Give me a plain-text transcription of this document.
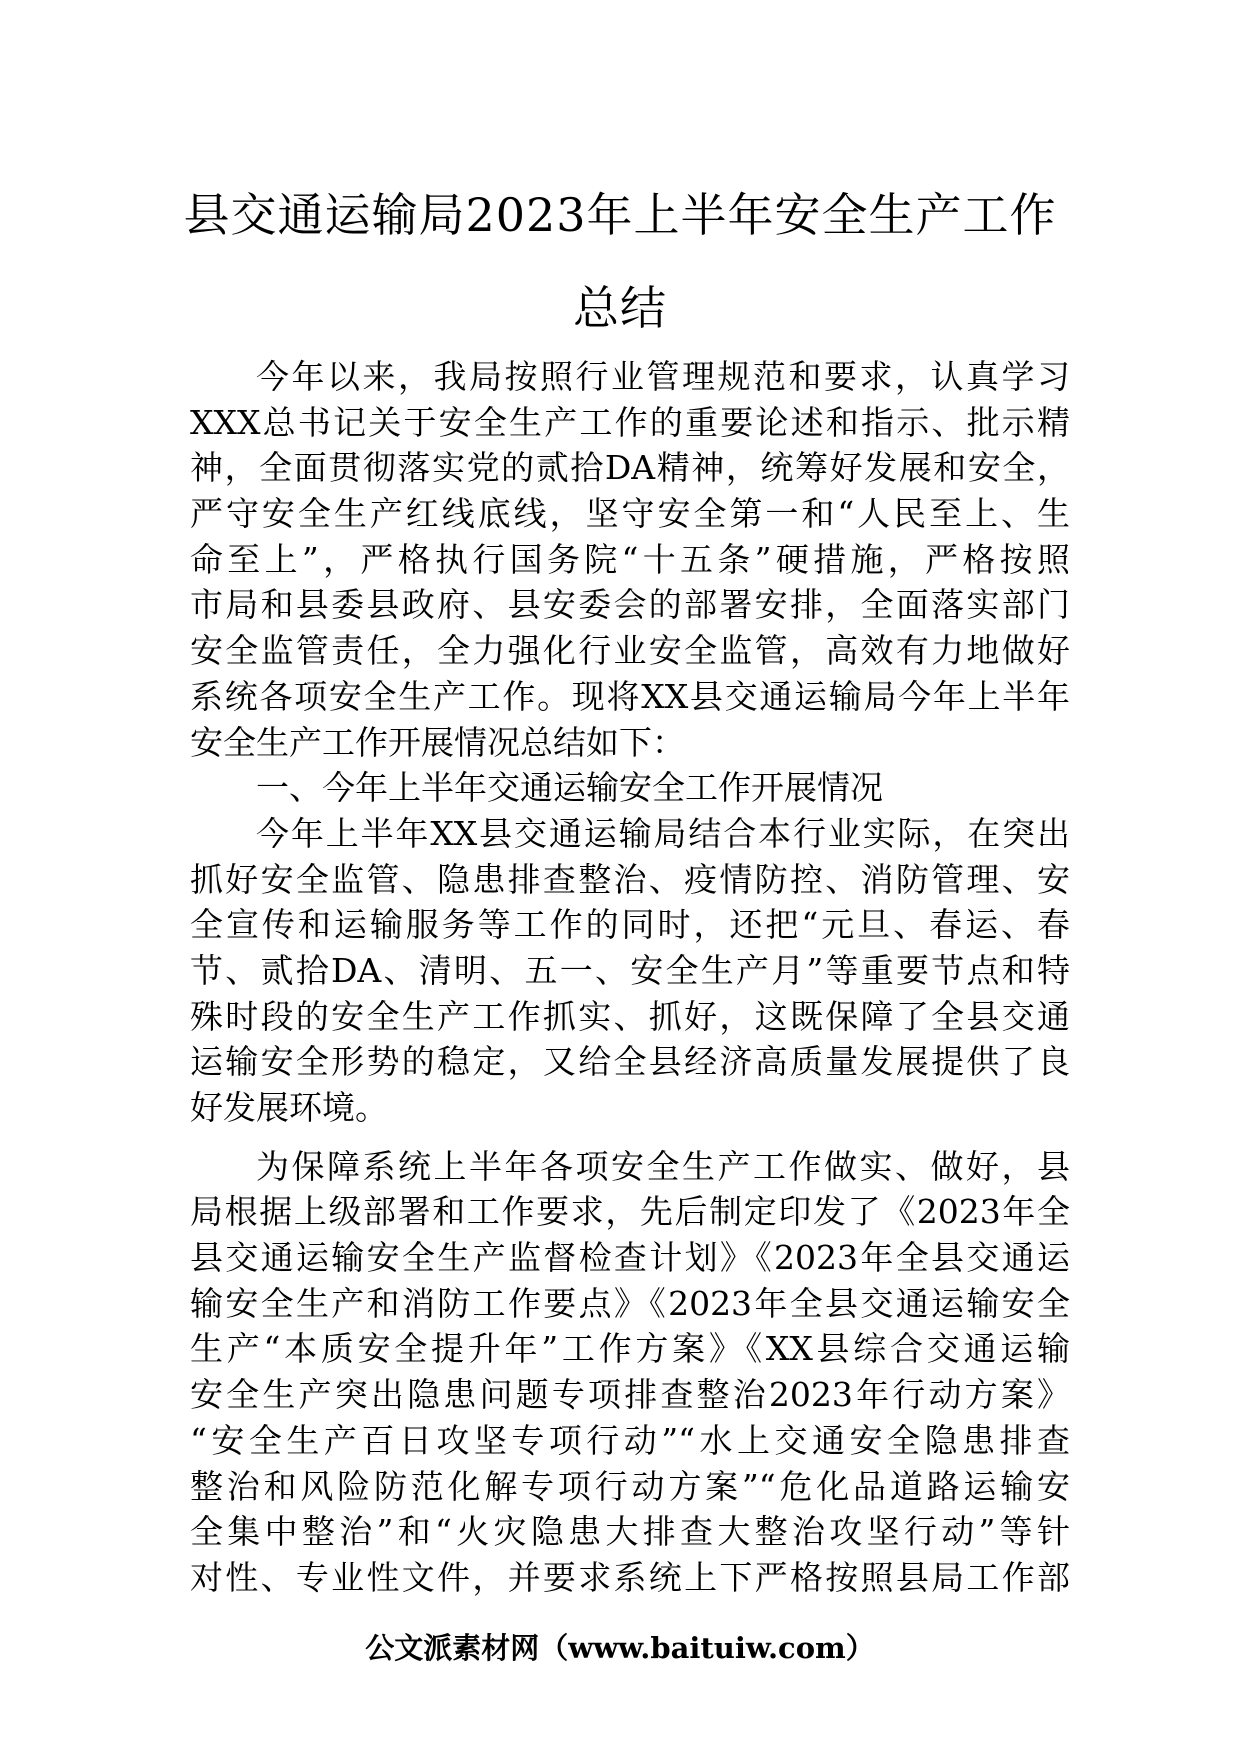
县交通运输局2023年上半年安全生产工作
总结
今年以来，我局按照行业管理规范和要求，认真学习
XXX总书记关于安全生产工作的重要论述和指示、批示精
神，全面贯彻落实党的贰拾DA精神，统筹好发展和安全，
严守安全生产红线底线，坚守安全第一和“人民至上、生
命至上”，严格执行国务院“十五条”硬措施，严格按照
市局和县委县政府、县安委会的部署安排，全面落实部门
安全监管责任，全力强化行业安全监管，高效有力地做好
系统各项安全生产工作。现将XX县交通运输局今年上半年
安全生产工作开展情况总结如下：
一、今年上半年交通运输安全工作开展情况
今年上半年XX县交通运输局结合本行业实际，在突出
抓好安全监管、隐患排查整治、疫情防控、消防管理、安
全宣传和运输服务等工作的同时，还把“元旦、春运、春
节、贰拾DA、清明、五一、安全生产月”等重要节点和特
殊时段的安全生产工作抓实、抓好，这既保障了全县交通
运输安全形势的稳定，又给全县经济高质量发展提供了良
好发展环境。
为保障系统上半年各项安全生产工作做实、做好，县
局根据上级部署和工作要求，先后制定印发了《2023年全
县交通运输安全生产监督检查计划》《2023年全县交通运
输安全生产和消防工作要点》《2023年全县交通运输安全
生产“本质安全提升年”工作方案》《XX县综合交通运输
安全生产突出隐患问题专项排查整治2023年行动方案》
“安全生产百日攻坚专项行动”“水上交通安全隐患排查
整治和风险防范化解专项行动方案”“危化品道路运输安
全集中整治”和“火灾隐患大排查大整治攻坚行动”等针
对性、专业性文件，并要求系统上下严格按照县局工作部
公文派素材网（www.baituiw.com）
